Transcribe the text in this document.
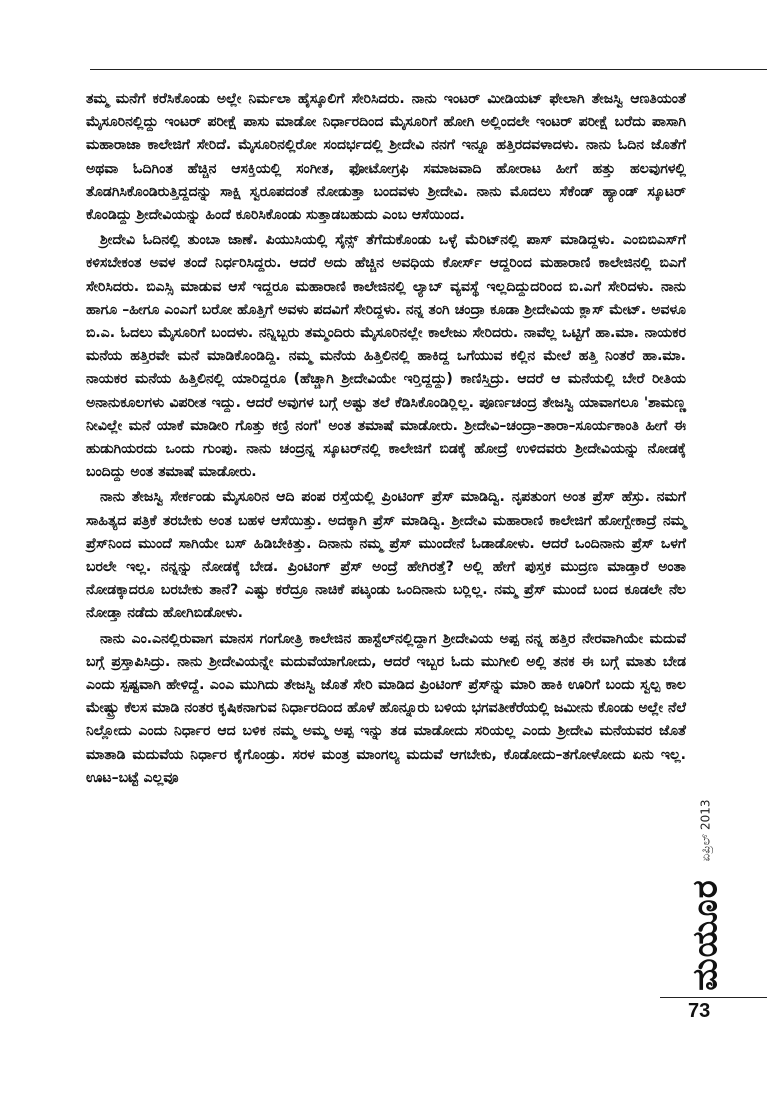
ತಮ್ಮ ಮನೆಗೆ ಕರೆಸಿಕೊಂಡು ಅಲ್ಲೇ ನಿರ್ಮಲಾ ಹೈಸ್ಕೂಲಿಗೆ ಸೇರಿಸಿದರು. ನಾನು ಇಂಟರ್ ಮೀಡಿಯಟ್ ಫೇಲಾಗಿ ತೇಜಸ್ವಿ ಆಣತಿಯಂತೆ ಮೈಸೂರಿನಲ್ಲಿದ್ದು ಇಂಟರ್ ಪರೀಕ್ಷೆ ಪಾಸು ಮಾಡೋ ನಿರ್ಧಾರದಿಂದ ಮೈಸೂರಿಗೆ ಹೋಗಿ ಅಲ್ಲಿಂದಲೇ ಇಂಟರ್ ಪರೀಕ್ಷೆ ಬರೆದು ಪಾಸಾಗಿ ಮಹಾರಾಜಾ ಕಾಲೇಜಿಗೆ ಸೇರಿದೆ. ಮೈಸೂರಿನಲ್ಲಿರೋ ಸಂದರ್ಭದಲ್ಲಿ ಶ್ರೀದೇವಿ ನನಗೆ ಇನ್ನೂ ಹತ್ತಿರದವಳಾದಳು. ನಾನು ಓದಿನ ಜೊತೆಗೆ ಅಥವಾ ಓದಿಗಿಂತ ಹೆಚ್ಚಿನ ಆಸಕ್ತಿಯಲ್ಲಿ ಸಂಗೀತ, ಫೋಟೋಗ್ರಫಿ ಸಮಾಜವಾದಿ ಹೋರಾಟ ಹೀಗೆ ಹತ್ತು ಹಲವುಗಳಲ್ಲಿ ತೊಡಗಿಸಿಕೊಂಡಿರುತ್ತಿದ್ದದನ್ನು ಸಾಕ್ಷಿ ಸ್ವರೂಪದಂತೆ ನೋಡುತ್ತಾ ಬಂದವಳು ಶ್ರೀದೇವಿ. ನಾನು ಮೊದಲು ಸೆಕೆಂಡ್ ಹ್ಯಾಂಡ್ ಸ್ಕೂಟರ್ ಕೊಂಡಿದ್ದು ಶ್ರೀದೇವಿಯನ್ನು ಹಿಂದೆ ಕೂರಿಸಿಕೊಂಡು ಸುತ್ತಾಡಬಹುದು ಎಂಬ ಆಸೆಯಿಂದ.

ಶ್ರೀದೇವಿ ಓದಿನಲ್ಲಿ ತುಂಬಾ ಜಾಣೆ. ಪಿಯುಸಿಯಲ್ಲಿ ಸೈನ್ಸ್ ತೆಗೆದುಕೊಂಡು ಒಳ್ಳೆ ಮೆರಿಟ್‌ನಲ್ಲಿ ಪಾಸ್ ಮಾಡಿದ್ದಳು. ಎಂಬಿಬಿಎಸ್‌ಗೆ ಕಳಿಸಬೇಕಂತ ಅವಳ ತಂದೆ ನಿರ್ಧರಿಸಿದ್ದರು. ಆದರೆ ಅದು ಹೆಚ್ಚಿನ ಅವಧಿಯ ಕೋರ್ಸ್ ಆದ್ದರಿಂದ ಮಹಾರಾಣಿ ಕಾಲೇಜಿನಲ್ಲಿ ಬಿಎಗೆ ಸೇರಿಸಿದರು. ಬಿಎಸ್ಸಿ ಮಾಡುವ ಆಸೆ ಇದ್ದರೂ ಮಹಾರಾಣಿ ಕಾಲೇಜಿನಲ್ಲಿ ಲ್ಯಾಬ್ ವ್ಯವಸ್ಥೆ ಇಲ್ಲದಿದ್ದುದರಿಂದ ಬಿ.ಎಗೆ ಸೇರಿದಳು. ನಾನು ಹಾಗೂ –ಹೀಗೂ ಎಂಎಗೆ ಬರೋ ಹೊತ್ತಿಗೆ ಅವಳು ಪದವಿಗೆ ಸೇರಿದ್ದಳು. ನನ್ನ ತಂಗಿ ಚಂದ್ರಾ ಕೂಡಾ ಶ್ರೀದೇವಿಯ ಕ್ಲಾಸ್ ಮೇಟ್. ಅವಳೂ ಬಿ.ಎ. ಓದಲು ಮೈಸೂರಿಗೆ ಬಂದಳು. ನನ್ನಿಬ್ಬರು ತಮ್ಮಂದಿರು ಮೈಸೂರಿನಲ್ಲೇ ಕಾಲೇಜು ಸೇರಿದರು. ನಾವೆಲ್ಲ ಒಟ್ಟಿಗೆ ಹಾ.ಮಾ. ನಾಯಕರ ಮನೆಯ ಹತ್ತಿರವೇ ಮನೆ ಮಾಡಿಕೊಂಡಿದ್ದಿ. ನಮ್ಮ ಮನೆಯ ಹಿತ್ತಿಲಿನಲ್ಲಿ ಹಾಕಿದ್ದ ಒಗೆಯುವ ಕಲ್ಲಿನ ಮೇಲೆ ಹತ್ತಿ ನಿಂತರೆ ಹಾ.ಮಾ. ನಾಯಕರ ಮನೆಯ ಹಿತ್ತಿಲಿನಲ್ಲಿ ಯಾರಿದ್ದರೂ (ಹೆಚ್ಚಾಗಿ ಶ್ರೀದೇವಿಯೇ ಇರ್‍ತಿದ್ದದ್ದು) ಕಾಣಿಸ್ತಿದ್ರು. ಆದರೆ ಆ ಮನೆಯಲ್ಲಿ ಬೇರೆ ರೀತಿಯ ಅನಾನುಕೂಲಗಳು ವಿಪರೀತ ಇದ್ದು. ಆದರೆ ಅವುಗಳ ಬಗ್ಗೆ ಅಷ್ಟು ತಲೆ ಕೆಡಿಸಿಕೊಂಡಿರ್‍ಲಿಲ್ಲ. ಪೂರ್ಣಚಂದ್ರ ತೇಜಸ್ವಿ ಯಾವಾಗಲೂ 'ಶಾಮಣ್ಣ ನೀವಿಲ್ಲೇ ಮನೆ ಯಾಕೆ ಮಾಡೀರಿ ಗೊತ್ತು ಕಣ್ರಿ ನಂಗೆ' ಅಂತ ತಮಾಷೆ ಮಾಡೋರು. ಶ್ರೀದೇವಿ–ಚಂದ್ರಾ–ತಾರಾ–ಸೂರ್ಯಕಾಂತಿ ಹೀಗೆ ಈ ಹುಡುಗಿಯರದು ಒಂದು ಗುಂಪು. ನಾನು ಚಂದ್ರನ್ನ ಸ್ಕೂಟರ್‌ನಲ್ಲಿ ಕಾಲೇಜಿಗೆ ಬಿಡಕ್ಕೆ ಹೋದ್ರೆ ಉಳಿದವರು ಶ್ರೀದೇವಿಯನ್ನು ನೋಡಕ್ಕೆ ಬಂದಿದ್ದು ಅಂತ ತಮಾಷೆ ಮಾಡೋರು.

ನಾನು ತೇಜಸ್ವಿ ಸೇರ್ಕಂಡು ಮೈಸೂರಿನ ಆದಿ ಪಂಪ ರಸ್ತೆಯಲ್ಲಿ ಪ್ರಿಂಟಿಂಗ್ ಪ್ರೆಸ್ ಮಾಡಿದ್ವಿ. ನೃಪತುಂಗ ಅಂತ ಪ್ರೆಸ್ ಹೆಸ್ರು. ನಮಗೆ ಸಾಹಿತ್ಯದ ಪತ್ರಿಕೆ ತರಬೇಕು ಅಂತ ಬಹಳ ಆಸೆಯಿತ್ತು. ಅದಕ್ಕಾಗಿ ಪ್ರೆಸ್ ಮಾಡಿದ್ವಿ. ಶ್ರೀದೇವಿ ಮಹಾರಾಣಿ ಕಾಲೇಜಿಗೆ ಹೋಗ್ಬೇಕಾದ್ರೆ ನಮ್ಮ ಪ್ರೆಸ್‌ನಿಂದ ಮುಂದೆ ಸಾಗಿಯೇ ಬಸ್ ಹಿಡಿಬೇಕಿತ್ತು. ದಿನಾನು ನಮ್ಮ ಪ್ರೆಸ್ ಮುಂದೇನೆ ಓಡಾಡೋಳು. ಆದರೆ ಒಂದಿನಾನು ಪ್ರೆಸ್ ಒಳಗೆ ಬರಲೇ ಇಲ್ಲ. ನನ್ನನ್ನು ನೋಡಕ್ಕೆ ಬೇಡ. ಪ್ರಿಂಟಿಂಗ್ ಪ್ರೆಸ್ ಅಂದ್ರೆ ಹೇಗಿರತ್ತೆ? ಅಲ್ಲಿ ಹೇಗೆ ಪುಸ್ತಕ ಮುದ್ರಣ ಮಾಡ್ತಾರೆ ಅಂತಾ ನೋಡಕ್ಕಾದರೂ ಬರಬೇಕು ತಾನೆ? ಎಷ್ಟು ಕರೆದ್ರೂ ನಾಚಿಕೆ ಪಟ್ಕಂಡು ಒಂದಿನಾನು ಬರ್‍ಲಿಲ್ಲ. ನಮ್ಮ ಪ್ರೆಸ್ ಮುಂದೆ ಬಂದ ಕೂಡಲೇ ನೆಲ ನೋಡ್ತಾ ನಡೆದು ಹೋಗಿಬಿಡೋಳು.

ನಾನು ಎಂ.ಎನಲ್ಲಿರುವಾಗ ಮಾನಸ ಗಂಗೋತ್ರಿ ಕಾಲೇಜಿನ ಹಾಸ್ಟೆಲ್‌ನಲ್ಲಿದ್ದಾಗ ಶ್ರೀದೇವಿಯ ಅಪ್ಪ ನನ್ನ ಹತ್ತಿರ ನೇರವಾಗಿಯೇ ಮದುವೆ ಬಗ್ಗೆ ಪ್ರಸ್ತಾಪಿಸಿದ್ರು. ನಾನು ಶ್ರೀದೇವಿಯನ್ನೇ ಮದುವೆಯಾಗೋದು, ಆದರೆ ಇಬ್ಬರ ಓದು ಮುಗೀಲಿ ಅಲ್ಲಿ ತನಕ ಈ ಬಗ್ಗೆ ಮಾತು ಬೇಡ ಎಂದು ಸ್ಪಷ್ಟವಾಗಿ ಹೇಳಿದ್ದೆ. ಎಂಎ ಮುಗಿದು ತೇಜಸ್ವಿ ಜೊತೆ ಸೇರಿ ಮಾಡಿದ ಪ್ರಿಂಟಿಂಗ್ ಪ್ರೆಸ್‌ನ್ನು ಮಾರಿ ಹಾಕಿ ಊರಿಗೆ ಬಂದು ಸ್ವಲ್ಪ ಕಾಲ ಮೇಷ್ಟ್ರು ಕೆಲಸ ಮಾಡಿ ನಂತರ ಕೃಷಿಕನಾಗುವ ನಿರ್ಧಾರದಿಂದ ಹೊಳೆ ಹೊನ್ನೂರು ಬಳಿಯ ಭಗವತೀಕೆರೆಯಲ್ಲಿ ಜಮೀನು ಕೊಂಡು ಅಲ್ಲೇ ನೆಲೆ ನಿಲ್ಲೋದು ಎಂದು ನಿರ್ಧಾರ ಆದ ಬಳಿಕ ನಮ್ಮ ಅಮ್ಮ ಅಪ್ಪ ಇನ್ನು ತಡ ಮಾಡೋದು ಸರಿಯಲ್ಲ ಎಂದು ಶ್ರೀದೇವಿ ಮನೆಯವರ ಜೊತೆ ಮಾತಾಡಿ ಮದುವೆಯ ನಿರ್ಧಾರ ಕೈಗೊಂಡ್ರು. ಸರಳ ಮಂತ್ರ ಮಾಂಗಲ್ಯ ಮದುವೆ ಆಗಬೇಕು, ಕೊಡೋದು–ತಗೋಳೋದು ಏನು ಇಲ್ಲ. ಊಟ–ಬಟ್ಟೆ ಎಲ್ಲವೂ

ಏಪ್ರಿಲ್ 2013
ಮಯೂರ
73
